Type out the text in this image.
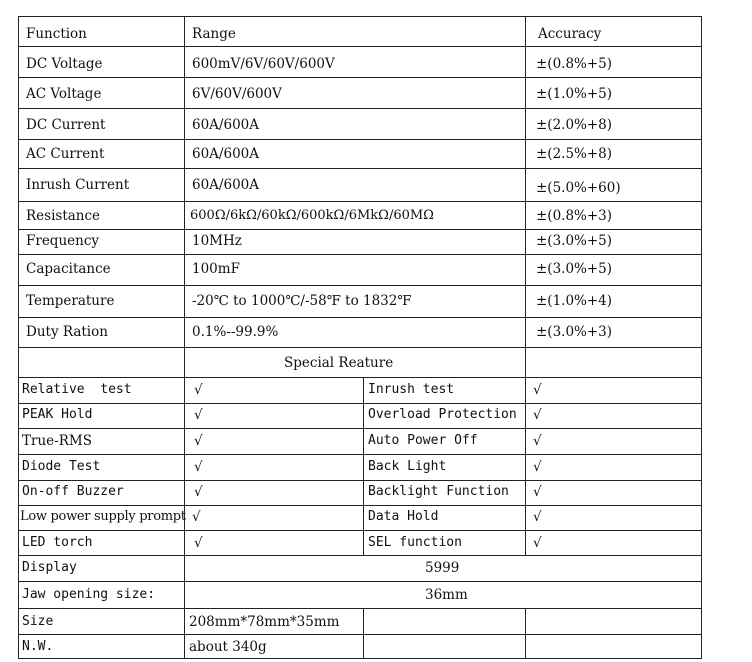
Function	Range	Accuracy
DC Voltage	600mV/6V/60V/600V	±(0.8%+5)
AC Voltage	6V/60V/600V	±(1.0%+5)
DC Current	60A/600A	±(2.0%+8)
AC Current	60A/600A	±(2.5%+8)
Inrush Current	60A/600A	±(5.0%+60)
Resistance	600Ω/6kΩ/60kΩ/600kΩ/6MkΩ/60MΩ	±(0.8%+3)
Frequency	10MHz	±(3.0%+5)
Capacitance	100mF	±(3.0%+5)
Temperature	-20℃ to 1000℃/-58℉ to 1832℉	±(1.0%+4)
Duty Ration	0.1%--99.9%	±(3.0%+3)
Special Reature
Relative  test	√	Inrush test	√
PEAK Hold	√	Overload Protection √
True-RMS	√	Auto Power Off	√
Diode Test	√	Back Light	√
On-off Buzzer	√	Backlight Function √
Low power supply prompt √	Data Hold	√
LED torch	√	SEL function	√
Display	5999
Jaw opening size:	36mm
Size	208mm*78mm*35mm
N.W.	about 340g
